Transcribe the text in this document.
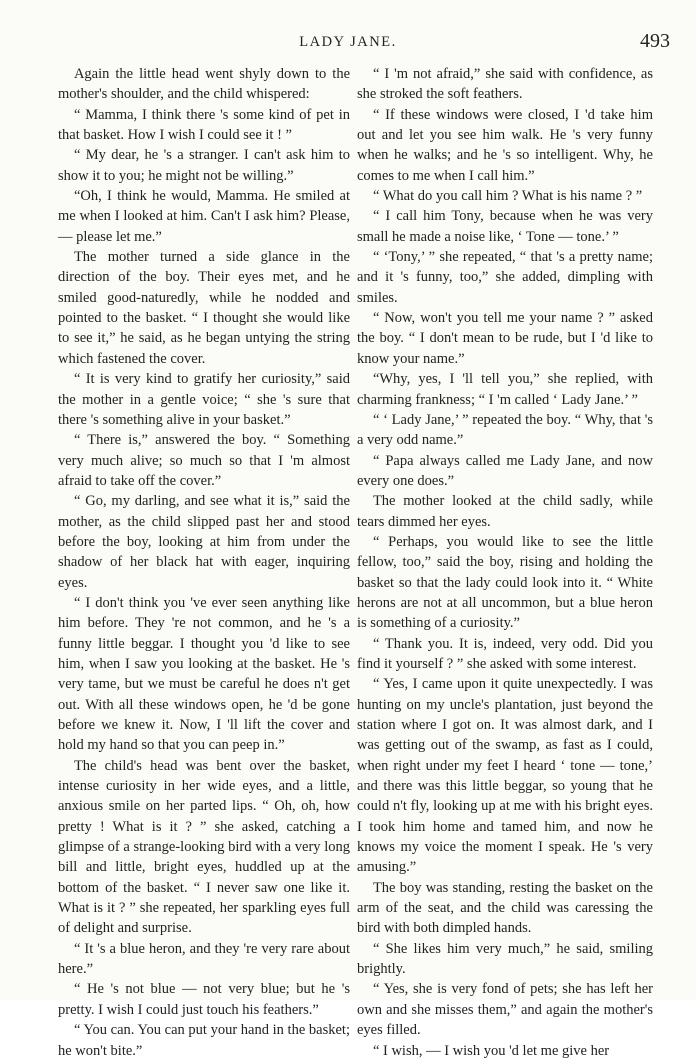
LADY JANE.	493

Again the little head went shyly down to the mother's shoulder, and the child whispered:

“ Mamma, I think there 's some kind of pet in that basket. How I wish I could see it ! ”

“ My dear, he 's a stranger. I can't ask him to show it to you; he might not be willing.”

“Oh, I think he would, Mamma. He smiled at me when I looked at him. Can't I ask him? Please,— please let me.”

The mother turned a side glance in the direction of the boy. Their eyes met, and he smiled good-naturedly, while he nodded and pointed to the basket. “ I thought she would like to see it,” he said, as he began untying the string which fastened the cover.

“ It is very kind to gratify her curiosity,” said the mother in a gentle voice; “ she 's sure that there 's something alive in your basket.”

“ There is,” answered the boy. “ Something very much alive; so much so that I 'm almost afraid to take off the cover.”

“ Go, my darling, and see what it is,” said the mother, as the child slipped past her and stood before the boy, looking at him from under the shadow of her black hat with eager, inquiring eyes.

“ I don't think you 've ever seen anything like him before. They 're not common, and he 's a funny little beggar. I thought you 'd like to see him, when I saw you looking at the basket. He 's very tame, but we must be careful he does n't get out. With all these windows open, he 'd be gone before we knew it. Now, I 'll lift the cover and hold my hand so that you can peep in.”

The child's head was bent over the basket, intense curiosity in her wide eyes, and a little, anxious smile on her parted lips. “ Oh, oh, how pretty ! What is it ? ” she asked, catching a glimpse of a strange-looking bird with a very long bill and little, bright eyes, huddled up at the bottom of the basket. “ I never saw one like it. What is it ? ” she repeated, her sparkling eyes full of delight and surprise.

“ It 's a blue heron, and they 're very rare about here.”

“ He 's not blue — not very blue; but he 's pretty. I wish I could just touch his feathers.”

“ You can. You can put your hand in the basket; he won't bite.”

“ I 'm not afraid,” she said with confidence, as she stroked the soft feathers.

“ If these windows were closed, I 'd take him out and let you see him walk. He 's very funny when he walks; and he 's so intelligent. Why, he comes to me when I call him.”

“ What do you call him ? What is his name ? ”

“ I call him Tony, because when he was very small he made a noise like, ‘ Tone — tone.’ ”

“ ‘Tony,’ ” she repeated, “ that 's a pretty name; and it 's funny, too,” she added, dimpling with smiles.

“ Now, won't you tell me your name ? ” asked the boy. “ I don't mean to be rude, but I 'd like to know your name.”

“Why, yes, I 'll tell you,” she replied, with charming frankness; “ I 'm called ‘ Lady Jane.’ ”

“ ‘ Lady Jane,’ ” repeated the boy. “ Why, that 's a very odd name.”

“ Papa always called me Lady Jane, and now every one does.”

The mother looked at the child sadly, while tears dimmed her eyes.

“ Perhaps, you would like to see the little fellow, too,” said the boy, rising and holding the basket so that the lady could look into it. “ White herons are not at all uncommon, but a blue heron is something of a curiosity.”

“ Thank you. It is, indeed, very odd. Did you find it yourself ? ” she asked with some interest.

“ Yes, I came upon it quite unexpectedly. I was hunting on my uncle's plantation, just beyond the station where I got on. It was almost dark, and I was getting out of the swamp, as fast as I could, when right under my feet I heard ‘ tone — tone,’ and there was this little beggar, so young that he could n't fly, looking up at me with his bright eyes. I took him home and tamed him, and now he knows my voice the moment I speak. He 's very amusing.”

The boy was standing, resting the basket on the arm of the seat, and the child was caressing the bird with both dimpled hands.

“ She likes him very much,” he said, smiling brightly.

“ Yes, she is very fond of pets; she has left her own and she misses them,” and again the mother's eyes filled.

“ I wish, — I wish you 'd let me give her
